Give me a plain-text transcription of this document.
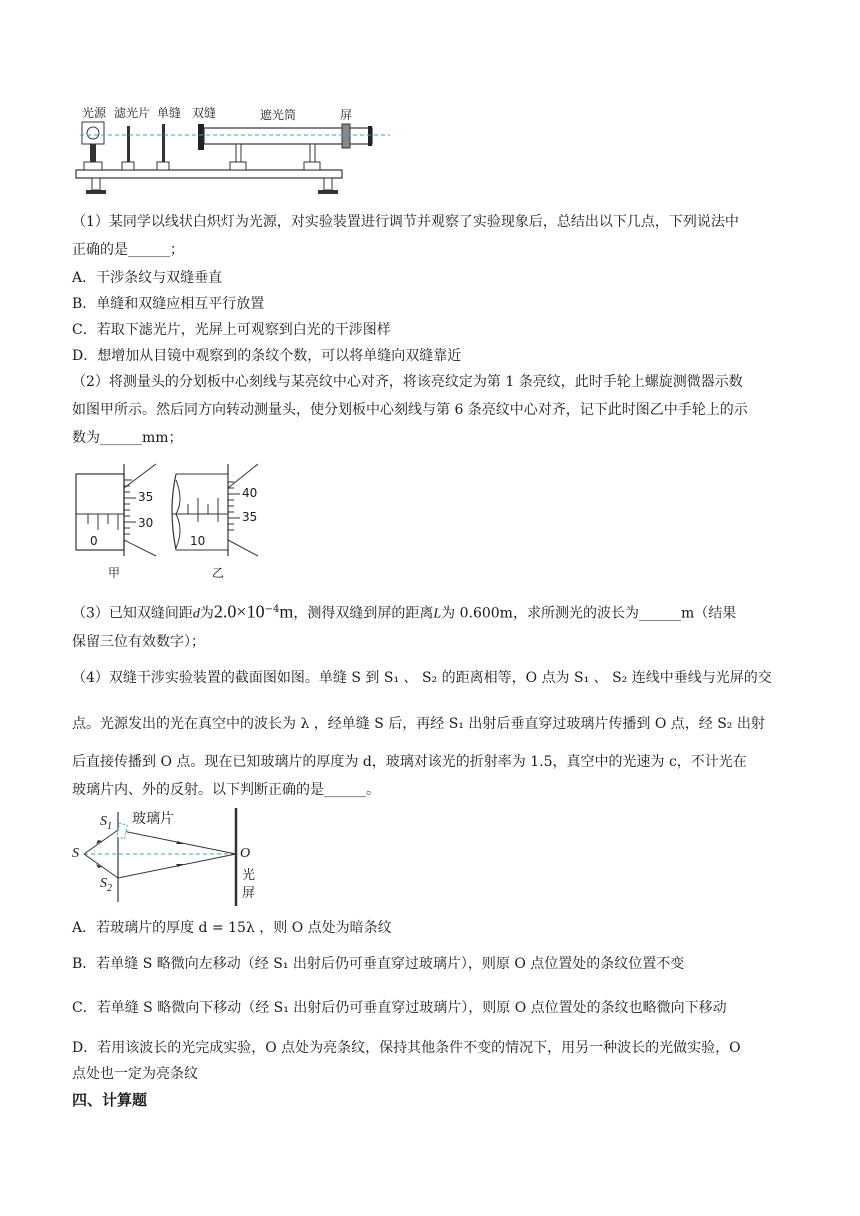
光源 滤光片 单缝 双缝	遮光筒	屏
（1）某同学以线状白炽灯为光源，对实验装置进行调节并观察了实验现象后，总结出以下几点，下列说法中
正确的是______；
A．干涉条纹与双缝垂直
B．单缝和双缝应相互平行放置
C．若取下滤光片，光屏上可观察到白光的干涉图样
D．想增加从目镜中观察到的条纹个数，可以将单缝向双缝靠近
（2）将测量头的分划板中心刻线与某亮纹中心对齐，将该亮纹定为第 1 条亮纹，此时手轮上螺旋测微器示数
如图甲所示。然后同方向转动测量头，使分划板中心刻线与第 6 条亮纹中心对齐，记下此时图乙中手轮上的示
数为______mm；
35
30
0
40
35
10
甲	乙
（3）已知双缝间距d为$2.0\times 10^{-4}m$，测得双缝到屏的距离L为 0.600m，求所测光的波长为______m（结果
保留三位有效数字）；
（4）双缝干涉实验装置的截面图如图。单缝 S 到 S₁ 、 S₂ 的距离相等，O 点为 S₁ 、 S₂ 连线中垂线与光屏的交
点。光源发出的光在真空中的波长为 λ ，经单缝 S 后，再经 S₁ 出射后垂直穿过玻璃片传播到 O 点，经 S₂ 出射
后直接传播到 O 点。现在已知玻璃片的厚度为 d，玻璃对该光的折射率为 1.5，真空中的光速为 c，不计光在
玻璃片内、外的反射。以下判断正确的是______。
S
$S_1$
$S_2$
玻璃片
O
光
屏
A．若玻璃片的厚度 d = 15λ ，则 O 点处为暗条纹
B．若单缝 S 略微向左移动（经 S₁ 出射后仍可垂直穿过玻璃片），则原 O 点位置处的条纹位置不变
C．若单缝 S 略微向下移动（经 S₁ 出射后仍可垂直穿过玻璃片），则原 O 点位置处的条纹也略微向下移动
D．若用该波长的光完成实验，O 点处为亮条纹，保持其他条件不变的情况下，用另一种波长的光做实验，O
点处也一定为亮条纹
四、计算题
